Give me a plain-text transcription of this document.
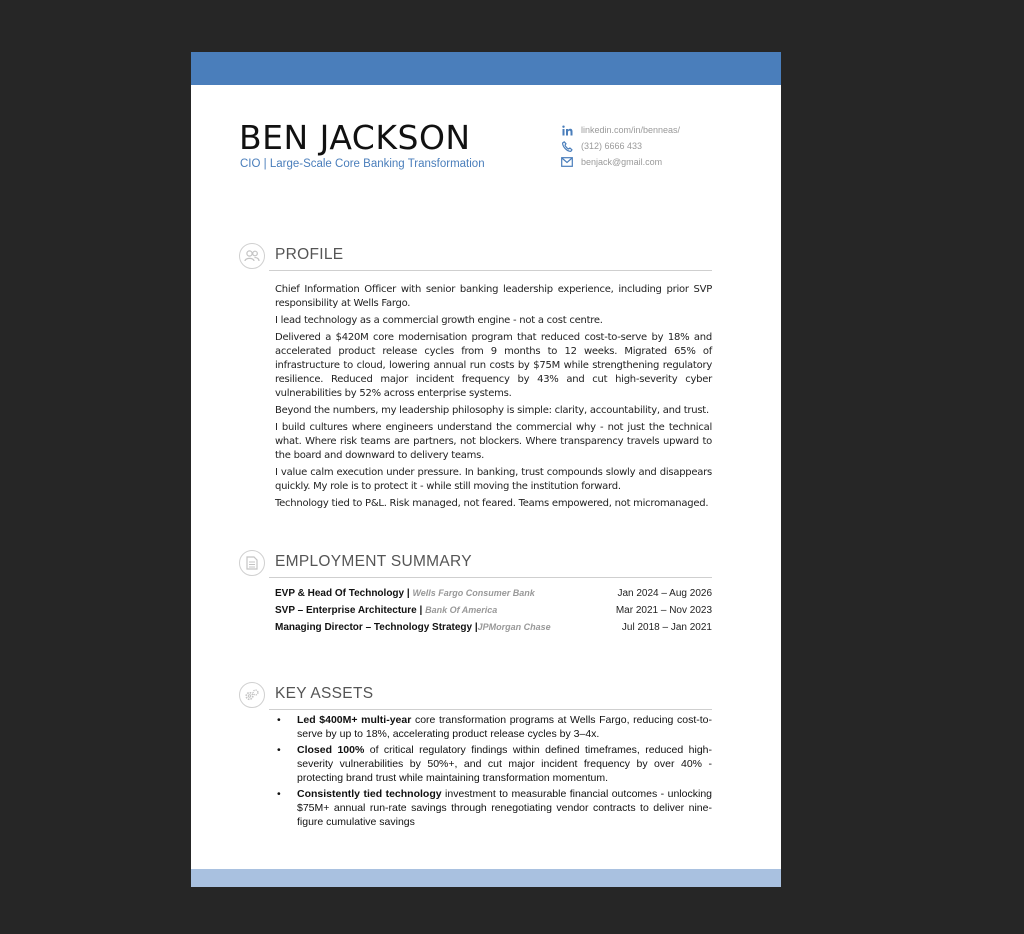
BEN JACKSON
CIO | Large-Scale Core Banking Transformation
linkedin.com/in/benneas/
(312) 6666 433
benjack@gmail.com
PROFILE

Chief Information Officer with senior banking leadership experience, including prior SVP responsibility at Wells Fargo.

I lead technology as a commercial growth engine - not a cost centre.

Delivered a $420M core modernisation program that reduced cost-to-serve by 18% and accelerated product release cycles from 9 months to 12 weeks. Migrated 65% of infrastructure to cloud, lowering annual run costs by $75M while strengthening regulatory resilience. Reduced major incident frequency by 43% and cut high-severity cyber vulnerabilities by 52% across enterprise systems.

Beyond the numbers, my leadership philosophy is simple: clarity, accountability, and trust.

I build cultures where engineers understand the commercial why - not just the technical what. Where risk teams are partners, not blockers. Where transparency travels upward to the board and downward to delivery teams.

I value calm execution under pressure. In banking, trust compounds slowly and disappears quickly. My role is to protect it - while still moving the institution forward.

Technology tied to P&L. Risk managed, not feared. Teams empowered, not micromanaged.

EMPLOYMENT SUMMARY
EVP & Head Of Technology | Wells Fargo Consumer Bank	Jan 2024 – Aug 2026
SVP – Enterprise Architecture | Bank Of America	Mar 2021 – Nov 2023
Managing Director – Technology Strategy |JPMorgan Chase	Jul 2018 – Jan 2021
KEY ASSETS
• Led $400M+ multi-year core transformation programs at Wells Fargo, reducing cost-to-serve by up to 18%, accelerating product release cycles by 3–4x.
• Closed 100% of critical regulatory findings within defined timeframes, reduced high-severity vulnerabilities by 50%+, and cut major incident frequency by over 40% - protecting brand trust while maintaining transformation momentum.
• Consistently tied technology investment to measurable financial outcomes - unlocking $75M+ annual run-rate savings through renegotiating vendor contracts to deliver nine-figure cumulative savings
